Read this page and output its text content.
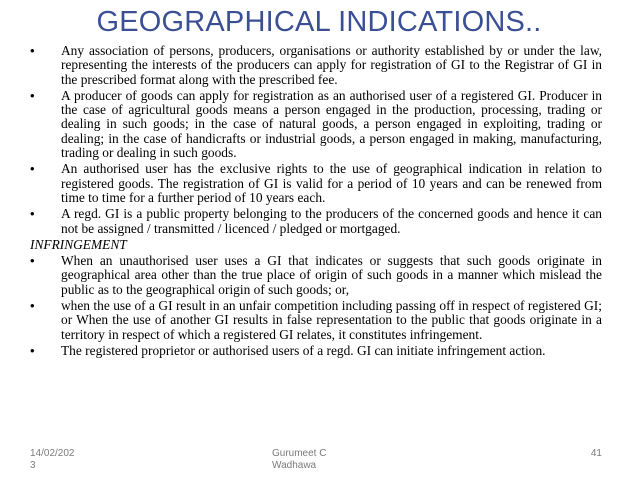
GEOGRAPHICAL INDICATIONS..
• Any association of persons, producers, organisations or authority established by or under the law, representing the interests of the producers can apply for registration of GI to the Registrar of GI in the prescribed format along with the prescribed fee.
• A producer of goods can apply for registration as an authorised user of a registered GI. Producer in the case of agricultural goods means a person engaged in the production, processing, trading or dealing in such goods; in the case of natural goods, a person engaged in exploiting, trading or dealing; in the case of handicrafts or industrial goods, a person engaged in making, manufacturing, trading or dealing in such goods.
• An authorised user has the exclusive rights to the use of geographical indication in relation to registered goods. The registration of GI is valid for a period of 10 years and can be renewed from time to time for a further period of 10 years each.
• A regd. GI is a public property belonging to the producers of the concerned goods and hence it can not be assigned / transmitted / licenced / pledged or mortgaged.
INFRINGEMENT
• When an unauthorised user uses a GI that indicates or suggests that such goods originate in geographical area other than the true place of origin of such goods in a manner which mislead the public as to the geographical origin of such goods; or,
• when the use of a GI result in an unfair competition including passing off in respect of registered GI; or When the use of another GI results in false representation to the public that goods originate in a territory in respect of which a registered GI relates, it constitutes infringement.
• The registered proprietor or authorised users of a regd. GI can initiate infringement action.
14/02/2023
Gurumeet C Wadhawa
41
